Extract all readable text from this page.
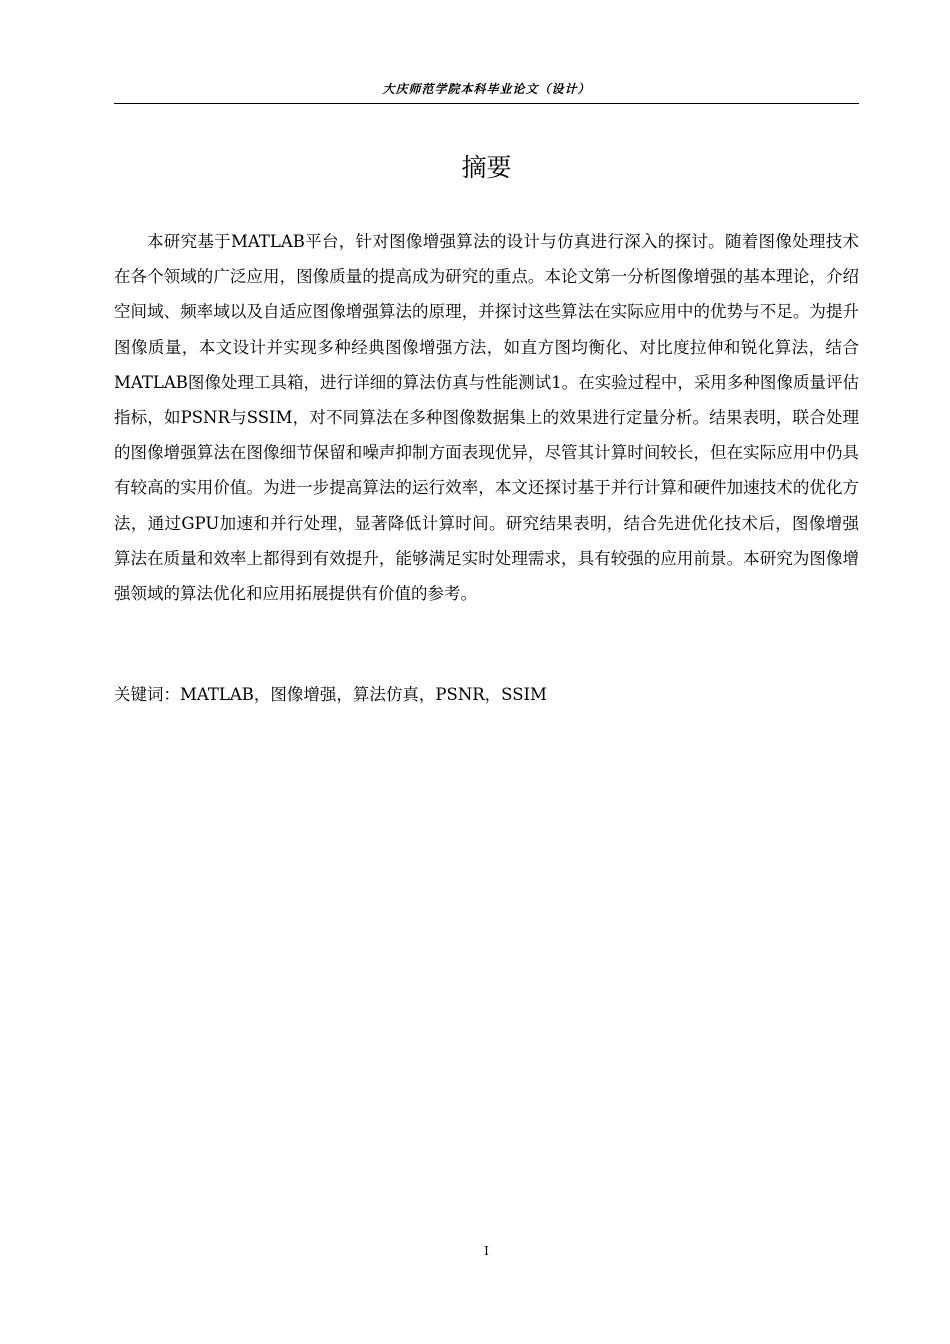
大庆师范学院本科毕业论文（设计）
摘要

本研究基于MATLAB平台，针对图像增强算法的设计与仿真进行深入的探讨。随着图像处理技术在各个领域的广泛应用，图像质量的提高成为研究的重点。本论文第一分析图像增强的基本理论，介绍空间域、频率域以及自适应图像增强算法的原理，并探讨这些算法在实际应用中的优势与不足。为提升图像质量，本文设计并实现多种经典图像增强方法，如直方图均衡化、对比度拉伸和锐化算法，结合MATLAB图像处理工具箱，进行详细的算法仿真与性能测试1。在实验过程中，采用多种图像质量评估指标，如PSNR与SSIM，对不同算法在多种图像数据集上的效果进行定量分析。结果表明，联合处理的图像增强算法在图像细节保留和噪声抑制方面表现优异，尽管其计算时间较长，但在实际应用中仍具有较高的实用价值。为进一步提高算法的运行效率，本文还探讨基于并行计算和硬件加速技术的优化方法，通过GPU加速和并行处理，显著降低计算时间。研究结果表明，结合先进优化技术后，图像增强算法在质量和效率上都得到有效提升，能够满足实时处理需求，具有较强的应用前景。本研究为图像增强领域的算法优化和应用拓展提供有价值的参考。

关键词：MATLAB，图像增强，算法仿真，PSNR，SSIM
I
